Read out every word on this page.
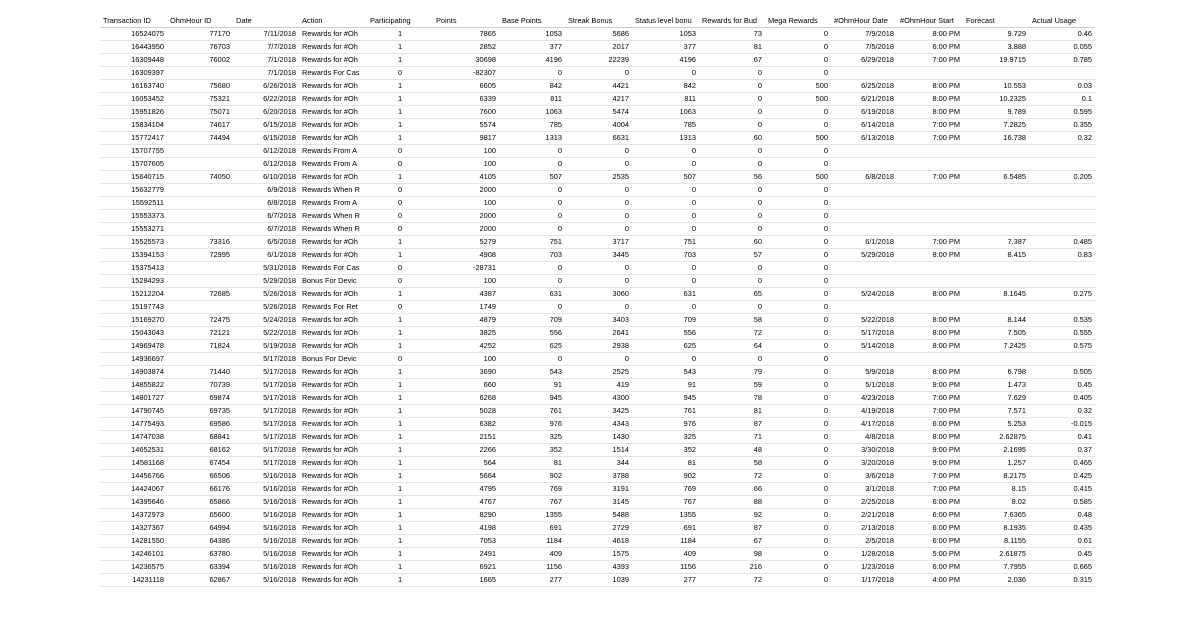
Transaction ID	OhmHour ID	Date	Action	Participating	Points	Base Points	Streak Bonus	Status level bonu	Rewards for Bud	Mega Rewards	#OhmHour Date	#OhmHour Start	Forecast	Actual Usage
16524075	77170	7/11/2018	Rewards for #Oh	1	7865	1053	5686	1053	73	0	7/9/2018	8:00 PM	9.729	0.46
16443950	76703	7/7/2018	Rewards for #Oh	1	2852	377	2017	377	81	0	7/5/2018	6:00 PM	3.888	0.055
16309448	76002	7/1/2018	Rewards for #Oh	1	30698	4196	22239	4196	67	0	6/29/2018	7:00 PM	19.9715	0.785
16309397		7/1/2018	Rewards For Cas	0	-82307	0	0	0	0	0				
16163740	75680	6/26/2018	Rewards for #Oh	1	6605	842	4421	842	0	500	6/25/2018	8:00 PM	10.553	0.03
16053452	75321	6/22/2018	Rewards for #Oh	1	6339	811	4217	811	0	500	6/21/2018	8:00 PM	10.2325	0.1
15951826	75071	6/20/2018	Rewards for #Oh	1	7600	1063	5474	1063	0	0	6/19/2018	8:00 PM	9.789	0.595
15834104	74617	6/15/2018	Rewards for #Oh	1	5574	785	4004	785	0	0	6/14/2018	7:00 PM	7.2825	0.355
15772417	74494	6/15/2018	Rewards for #Oh	1	9817	1313	6631	1313	60	500	6/13/2018	7:00 PM	16.738	0.32
15707755		6/12/2018	Rewards From A	0	100	0	0	0	0	0				
15707605		6/12/2018	Rewards From A	0	100	0	0	0	0	0				
15640715	74050	6/10/2018	Rewards for #Oh	1	4105	507	2535	507	56	500	6/8/2018	7:00 PM	6.5485	0.205
15632779		6/9/2018	Rewards When R	0	2000	0	0	0	0	0				
15592511		6/8/2018	Rewards From A	0	100	0	0	0	0	0				
15553373		6/7/2018	Rewards When R	0	2000	0	0	0	0	0				
15553271		6/7/2018	Rewards When R	0	2000	0	0	0	0	0				
15525573	73316	6/5/2018	Rewards for #Oh	1	5279	751	3717	751	60	0	6/1/2018	7:00 PM	7.387	0.485
15394153	72995	6/1/2018	Rewards for #Oh	1	4908	703	3445	703	57	0	5/29/2018	8:00 PM	8.415	0.83
15375413		5/31/2018	Rewards For Cas	0	-28731	0	0	0	0	0				
15284293		5/29/2018	Bonus For Devic	0	100	0	0	0	0	0				
15212204	72685	5/26/2018	Rewards for #Oh	1	4387	631	3060	631	65	0	5/24/2018	8:00 PM	8.1645	0.275
15197743		5/26/2018	Rewards For Ret	0	1749	0	0	0	0	0				
15169270	72475	5/24/2018	Rewards for #Oh	1	4879	709	3403	709	58	0	5/22/2018	8:00 PM	8.144	0.535
15043043	72121	5/22/2018	Rewards for #Oh	1	3825	556	2641	556	72	0	5/17/2018	8:00 PM	7.505	0.555
14969478	71824	5/19/2018	Rewards for #Oh	1	4252	625	2938	625	64	0	5/14/2018	8:00 PM	7.2425	0.575
14936697		5/17/2018	Bonus For Devic	0	100	0	0	0	0	0				
14903874	71440	5/17/2018	Rewards for #Oh	1	3690	543	2525	543	79	0	5/9/2018	8:00 PM	6.798	0.505
14855822	70739	5/17/2018	Rewards for #Oh	1	660	91	419	91	59	0	5/1/2018	9:00 PM	1.473	0.45
14801727	69874	5/17/2018	Rewards for #Oh	1	6268	945	4300	945	78	0	4/23/2018	7:00 PM	7.629	0.405
14790745	69735	5/17/2018	Rewards for #Oh	1	5028	761	3425	761	81	0	4/19/2018	7:00 PM	7.571	0.32
14775493	69586	5/17/2018	Rewards for #Oh	1	6382	976	4343	976	87	0	4/17/2018	6:00 PM	5.253	-0.015
14747038	68841	5/17/2018	Rewards for #Oh	1	2151	325	1430	325	71	0	4/8/2018	8:00 PM	2.62875	0.41
14652531	68162	5/17/2018	Rewards for #Oh	1	2266	352	1514	352	48	0	3/30/2018	9:00 PM	2.1695	0.37
14581168	67454	5/17/2018	Rewards for #Oh	1	564	81	344	81	58	0	3/20/2018	9:00 PM	1.257	0.465
14456766	66506	5/16/2018	Rewards for #Oh	1	5664	902	3788	902	72	0	3/6/2018	7:00 PM	8.2175	0.425
14424067	66176	5/16/2018	Rewards for #Oh	1	4795	769	3191	769	66	0	3/1/2018	7:00 PM	8.15	0.415
14395646	65866	5/16/2018	Rewards for #Oh	1	4767	767	3145	767	88	0	2/25/2018	6:00 PM	8.02	0.585
14372973	65600	5/16/2018	Rewards for #Oh	1	8290	1355	5488	1355	92	0	2/21/2018	6:00 PM	7.6365	0.48
14327367	64994	5/16/2018	Rewards for #Oh	1	4198	691	2729	691	87	0	2/13/2018	6:00 PM	8.1935	0.435
14281550	64386	5/16/2018	Rewards for #Oh	1	7053	1184	4618	1184	67	0	2/5/2018	6:00 PM	8.1155	0.61
14246101	63780	5/16/2018	Rewards for #Oh	1	2491	409	1575	409	98	0	1/28/2018	5:00 PM	2.61875	0.45
14236575	63394	5/16/2018	Rewards for #Oh	1	6921	1156	4393	1156	216	0	1/23/2018	6:00 PM	7.7955	0.665
14231118	62867	5/16/2018	Rewards for #Oh	1	1665	277	1039	277	72	0	1/17/2018	4:00 PM	2.036	0.315
